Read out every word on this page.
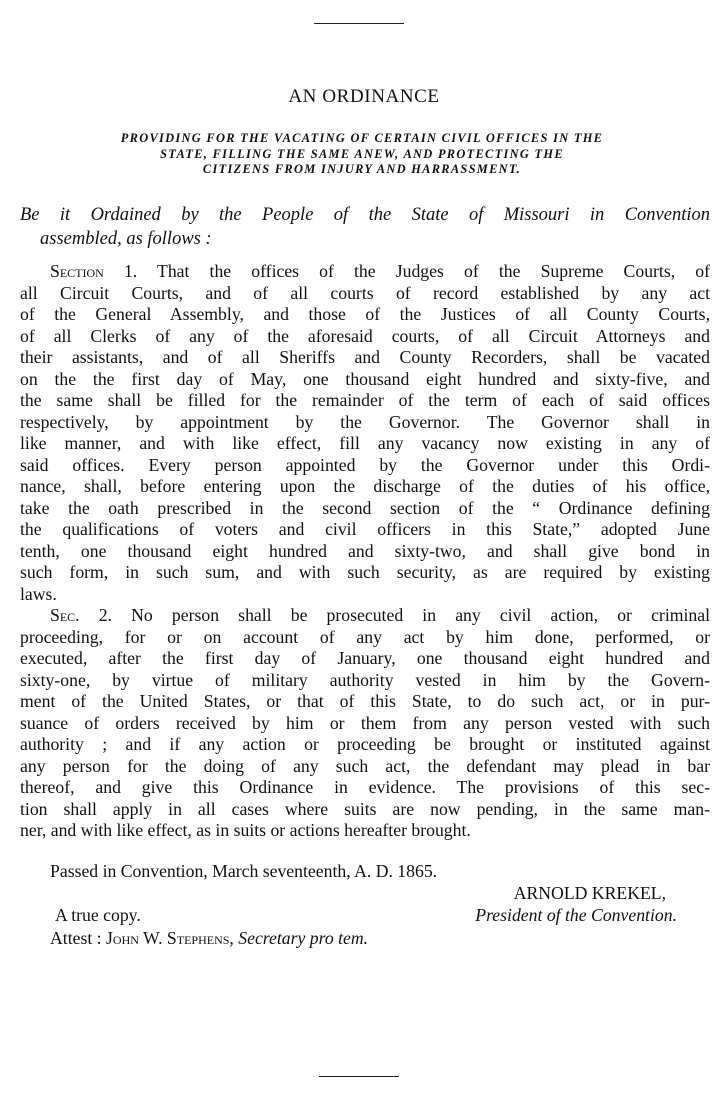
AN ORDINANCE
PROVIDING FOR THE VACATING OF CERTAIN CIVIL OFFICES IN THE
STATE, FILLING THE SAME ANEW, AND PROTECTING THE
CITIZENS FROM INJURY AND HARRASSMENT.
Be it Ordained by the People of the State of Missouri in Convention
assembled, as follows :
Section 1. That the offices of the Judges of the Supreme Courts, of
all Circuit Courts, and of all courts of record established by any act
of the General Assembly, and those of the Justices of all County Courts,
of all Clerks of any of the aforesaid courts, of all Circuit Attorneys and
their assistants, and of all Sheriffs and County Recorders, shall be vacated
on the the first day of May, one thousand eight hundred and sixty-five, and
the same shall be filled for the remainder of the term of each of said offices
respectively, by appointment by the Governor. The Governor shall in
like manner, and with like effect, fill any vacancy now existing in any of
said offices. Every person appointed by the Governor under this Ordi-
nance, shall, before entering upon the discharge of the duties of his office,
take the oath prescribed in the second section of the “ Ordinance defining
the qualifications of voters and civil officers in this State,” adopted June
tenth, one thousand eight hundred and sixty-two, and shall give bond in
such form, in such sum, and with such security, as are required by existing
laws.
Sec. 2. No person shall be prosecuted in any civil action, or criminal
proceeding, for or on account of any act by him done, performed, or
executed, after the first day of January, one thousand eight hundred and
sixty-one, by virtue of military authority vested in him by the Govern-
ment of the United States, or that of this State, to do such act, or in pur-
suance of orders received by him or them from any person vested with such
authority ; and if any action or proceeding be brought or instituted against
any person for the doing of any such act, the defendant may plead in bar
thereof, and give this Ordinance in evidence. The provisions of this sec-
tion shall apply in all cases where suits are now pending, in the same man-
ner, and with like effect, as in suits or actions hereafter brought.
Passed in Convention, March seventeenth, A. D. 1865.
ARNOLD KREKEL,
A true copy.	President of the Convention.
Attest : John W. Stephens, Secretary pro tem.
